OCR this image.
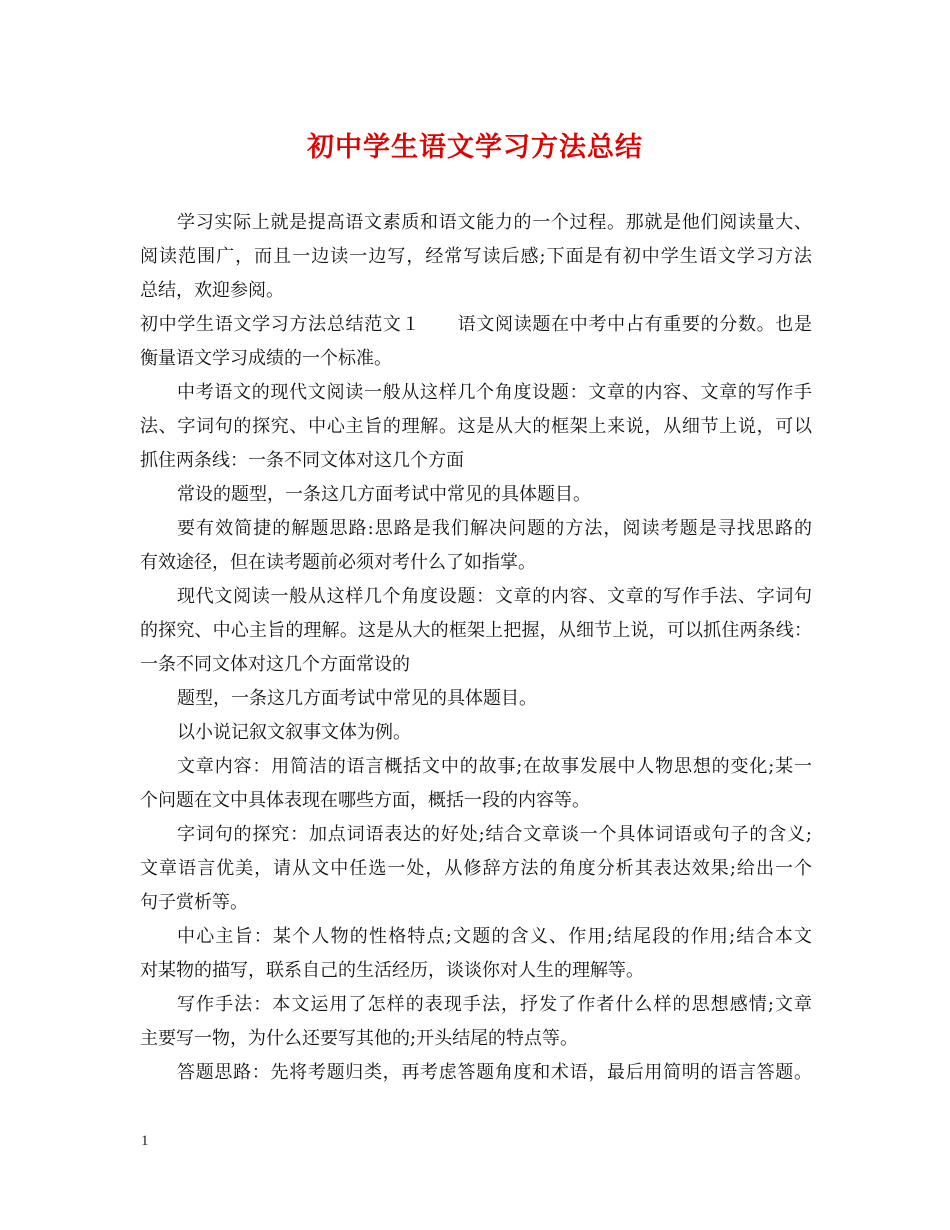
初中学生语文学习方法总结
学习实际上就是提高语文素质和语文能力的一个过程。那就是他们阅读量大、
阅读范围广，而且一边读一边写，经常写读后感;下面是有初中学生语文学习方法
总结，欢迎参阅。
初中学生语文学习方法总结范文１　　语文阅读题在中考中占有重要的分数。也是
衡量语文学习成绩的一个标准。
中考语文的现代文阅读一般从这样几个角度设题：文章的内容、文章的写作手
法、字词句的探究、中心主旨的理解。这是从大的框架上来说，从细节上说，可以
抓住两条线：一条不同文体对这几个方面
常设的题型，一条这几方面考试中常见的具体题目。
要有效简捷的解题思路:思路是我们解决问题的方法，阅读考题是寻找思路的
有效途径，但在读考题前必须对考什么了如指掌。
现代文阅读一般从这样几个角度设题：文章的内容、文章的写作手法、字词句
的探究、中心主旨的理解。这是从大的框架上把握，从细节上说，可以抓住两条线：
一条不同文体对这几个方面常设的
题型，一条这几方面考试中常见的具体题目。
以小说记叙文叙事文体为例。
文章内容：用简洁的语言概括文中的故事;在故事发展中人物思想的变化;某一
个问题在文中具体表现在哪些方面，概括一段的内容等。
字词句的探究：加点词语表达的好处;结合文章谈一个具体词语或句子的含义;
文章语言优美，请从文中任选一处，从修辞方法的角度分析其表达效果;给出一个
句子赏析等。
中心主旨：某个人物的性格特点;文题的含义、作用;结尾段的作用;结合本文
对某物的描写，联系自己的生活经历，谈谈你对人生的理解等。
写作手法：本文运用了怎样的表现手法，抒发了作者什么样的思想感情;文章
主要写一物，为什么还要写其他的;开头结尾的特点等。
答题思路：先将考题归类，再考虑答题角度和术语，最后用简明的语言答题。
1
